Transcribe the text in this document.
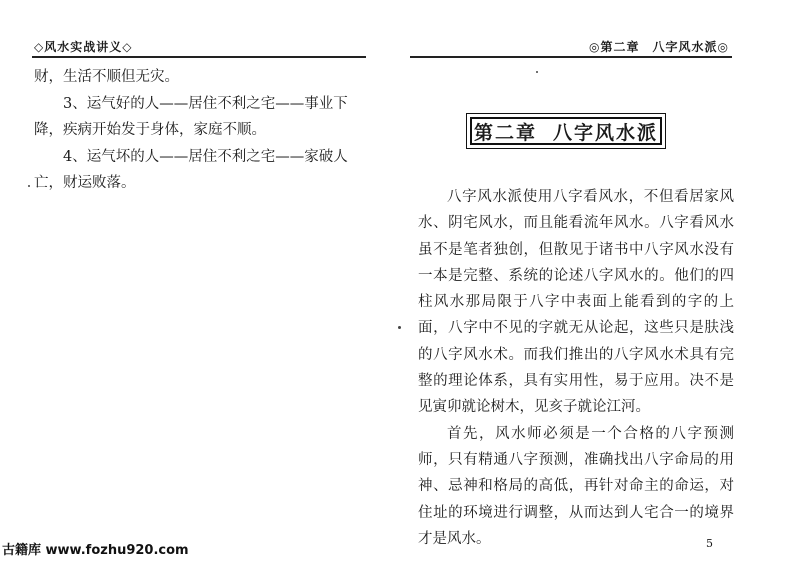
◇风水实战讲义◇

财，生活不顺但无灾。

3、运气好的人——居住不利之宅——事业下降，疾病开始发于身体，家庭不顺。

4、运气坏的人——居住不利之宅——家破人亡，财运败落。

◎第二章　八字风水派◎
第二章 八字风水派

八字风水派使用八字看风水，不但看居家风水、阴宅风水，而且能看流年风水。八字看风水虽不是笔者独创，但散见于诸书中八字风水没有一本是完整、系统的论述八字风水的。他们的四柱风水那局限于八字中表面上能看到的字的上面，八字中不见的字就无从论起，这些只是肤浅的八字风水术。而我们推出的八字风水术具有完整的理论体系，具有实用性，易于应用。决不是见寅卯就论树木，见亥子就论江河。

首先，风水师必须是一个合格的八字预测师，只有精通八字预测，准确找出八字命局的用神、忌神和格局的高低，再针对命主的命运，对住址的环境进行调整，从而达到人宅合一的境界才是风水。	5
古籍库 www.fozhu920.com
